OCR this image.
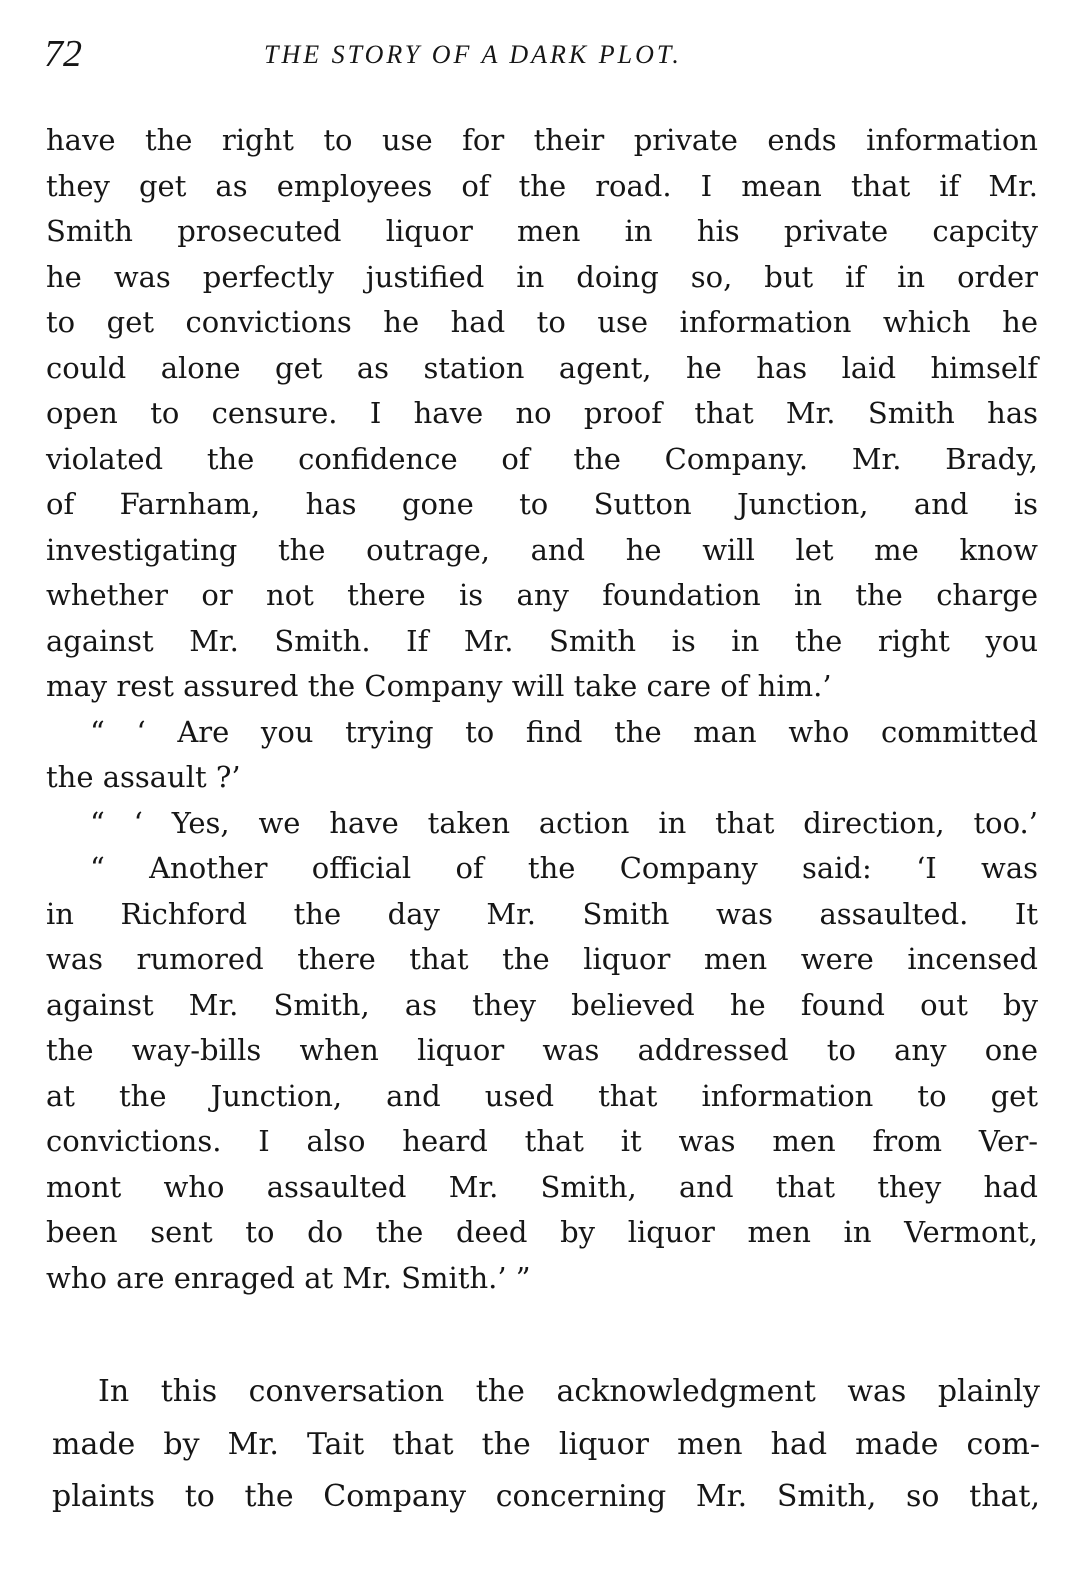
72	THE STORY OF A DARK PLOT.
have the right to use for their private ends information
they get as employees of the road. I mean that if Mr.
Smith prosecuted liquor men in his private capcity
he was perfectly justified in doing so, but if in order
to get convictions he had to use information which he
could alone get as station agent, he has laid himself
open to censure. I have no proof that Mr. Smith has
violated the confidence of the Company. Mr. Brady,
of Farnham, has gone to Sutton Junction, and is
investigating the outrage, and he will let me know
whether or not there is any foundation in the charge
against Mr. Smith. If Mr. Smith is in the right you
may rest assured the Company will take care of him.’
“ ‘ Are you trying to find the man who committed
the assault ?’
“ ‘ Yes, we have taken action in that direction, too.’
“ Another official of the Company said: ‘I was
in Richford the day Mr. Smith was assaulted. It
was rumored there that the liquor men were incensed
against Mr. Smith, as they believed he found out by
the way-bills when liquor was addressed to any one
at the Junction, and used that information to get
convictions. I also heard that it was men from Ver-
mont who assaulted Mr. Smith, and that they had
been sent to do the deed by liquor men in Vermont,
who are enraged at Mr. Smith.’ ”
In this conversation the acknowledgment was plainly
made by Mr. Tait that the liquor men had made com-
plaints to the Company concerning Mr. Smith, so that,
